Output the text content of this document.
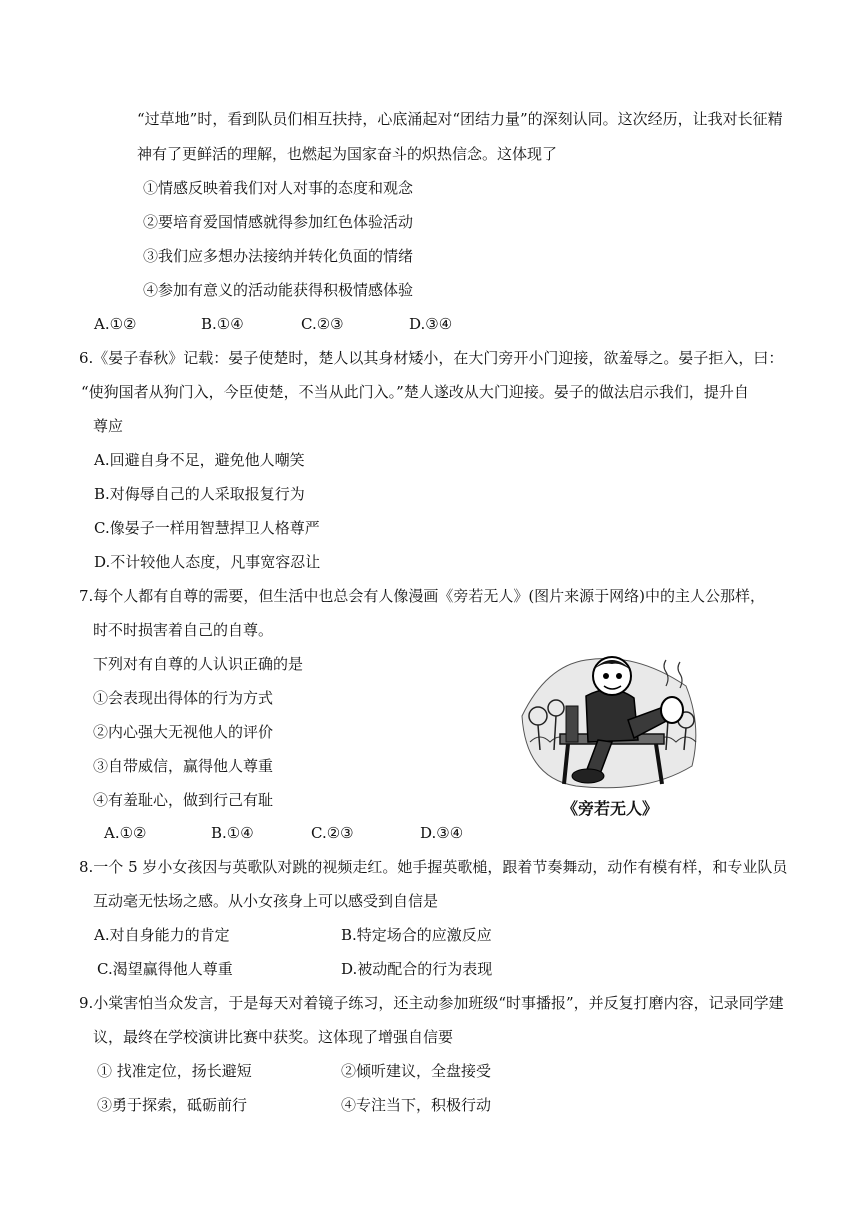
“过草地”时，看到队员们相互扶持，心底涌起对“团结力量”的深刻认同。这次经历，让我对长征精
神有了更鲜活的理解，也燃起为国家奋斗的炽热信念。这体现了
①情感反映着我们对人对事的态度和观念
②要培育爱国情感就得参加红色体验活动
③我们应多想办法接纳并转化负面的情绪
④参加有意义的活动能获得积极情感体验
A.①②	B.①④	C.②③	D.③④
6.《晏子春秋》记载：晏子使楚时，楚人以其身材矮小，在大门旁开小门迎接，欲羞辱之。晏子拒入，曰：
“使狗国者从狗门入，今臣使楚，不当从此门入。”楚人遂改从大门迎接。晏子的做法启示我们，提升自
尊应
A.回避自身不足，避免他人嘲笑
B.对侮辱自己的人采取报复行为
C.像晏子一样用智慧捍卫人格尊严
D.不计较他人态度，凡事宽容忍让
7.每个人都有自尊的需要，但生活中也总会有人像漫画《旁若无人》(图片来源于网络)中的主人公那样，
时不时损害着自己的自尊。
下列对有自尊的人认识正确的是
①会表现出得体的行为方式
②内心强大无视他人的评价
③自带威信，赢得他人尊重
④有羞耻心，做到行己有耻
A.①②	B.①④	C.②③	D.③④
《旁若无人》
8.一个 5 岁小女孩因与英歌队对跳的视频走红。她手握英歌槌，跟着节奏舞动，动作有模有样，和专业队员
互动毫无怯场之感。从小女孩身上可以感受到自信是
A.对自身能力的肯定	B.特定场合的应激反应
C.渴望赢得他人尊重	D.被动配合的行为表现
9.小棠害怕当众发言，于是每天对着镜子练习，还主动参加班级“时事播报”，并反复打磨内容，记录同学建
议，最终在学校演讲比赛中获奖。这体现了增强自信要
① 找准定位，扬长避短	②倾听建议，全盘接受
③勇于探索，砥砺前行	④专注当下，积极行动
